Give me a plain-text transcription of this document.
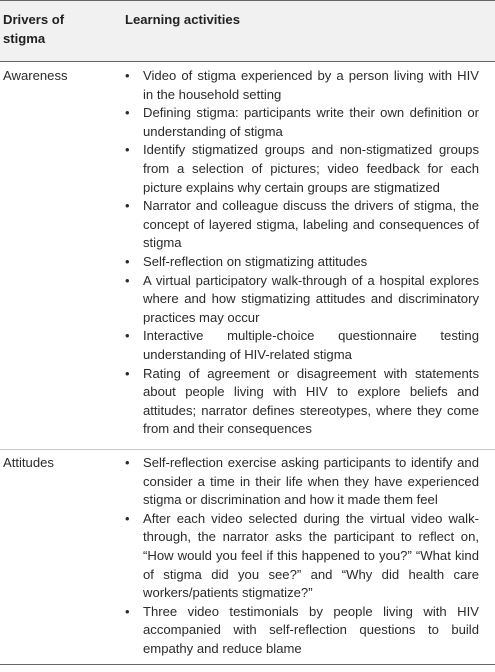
Drivers of stigma
Learning activities
Awareness	• Video of stigma experienced by a person living with HIV in the household setting
• Defining stigma: participants write their own definition or understanding of stigma
• Identify stigmatized groups and non-stigmatized groups from a selection of pictures; video feedback for each picture explains why certain groups are stigmatized
• Narrator and colleague discuss the drivers of stigma, the concept of layered stigma, labeling and consequences of stigma
• Self-reflection on stigmatizing attitudes
• A virtual participatory walk-through of a hospital explores where and how stigmatizing attitudes and discriminatory practices may occur
• Interactive multiple-choice questionnaire testing understanding of HIV-related stigma
• Rating of agreement or disagreement with statements about people living with HIV to explore beliefs and attitudes; narrator defines stereotypes, where they come from and their consequences
Attitudes	• Self-reflection exercise asking participants to identify and consider a time in their life when they have experienced stigma or discrimination and how it made them feel
• After each video selected during the virtual video walk-through, the narrator asks the participant to reflect on, “How would you feel if this happened to you?” “What kind of stigma did you see?” and “Why did health care workers/patients stigmatize?”
• Three video testimonials by people living with HIV accompanied with self-reflection questions to build empathy and reduce blame
